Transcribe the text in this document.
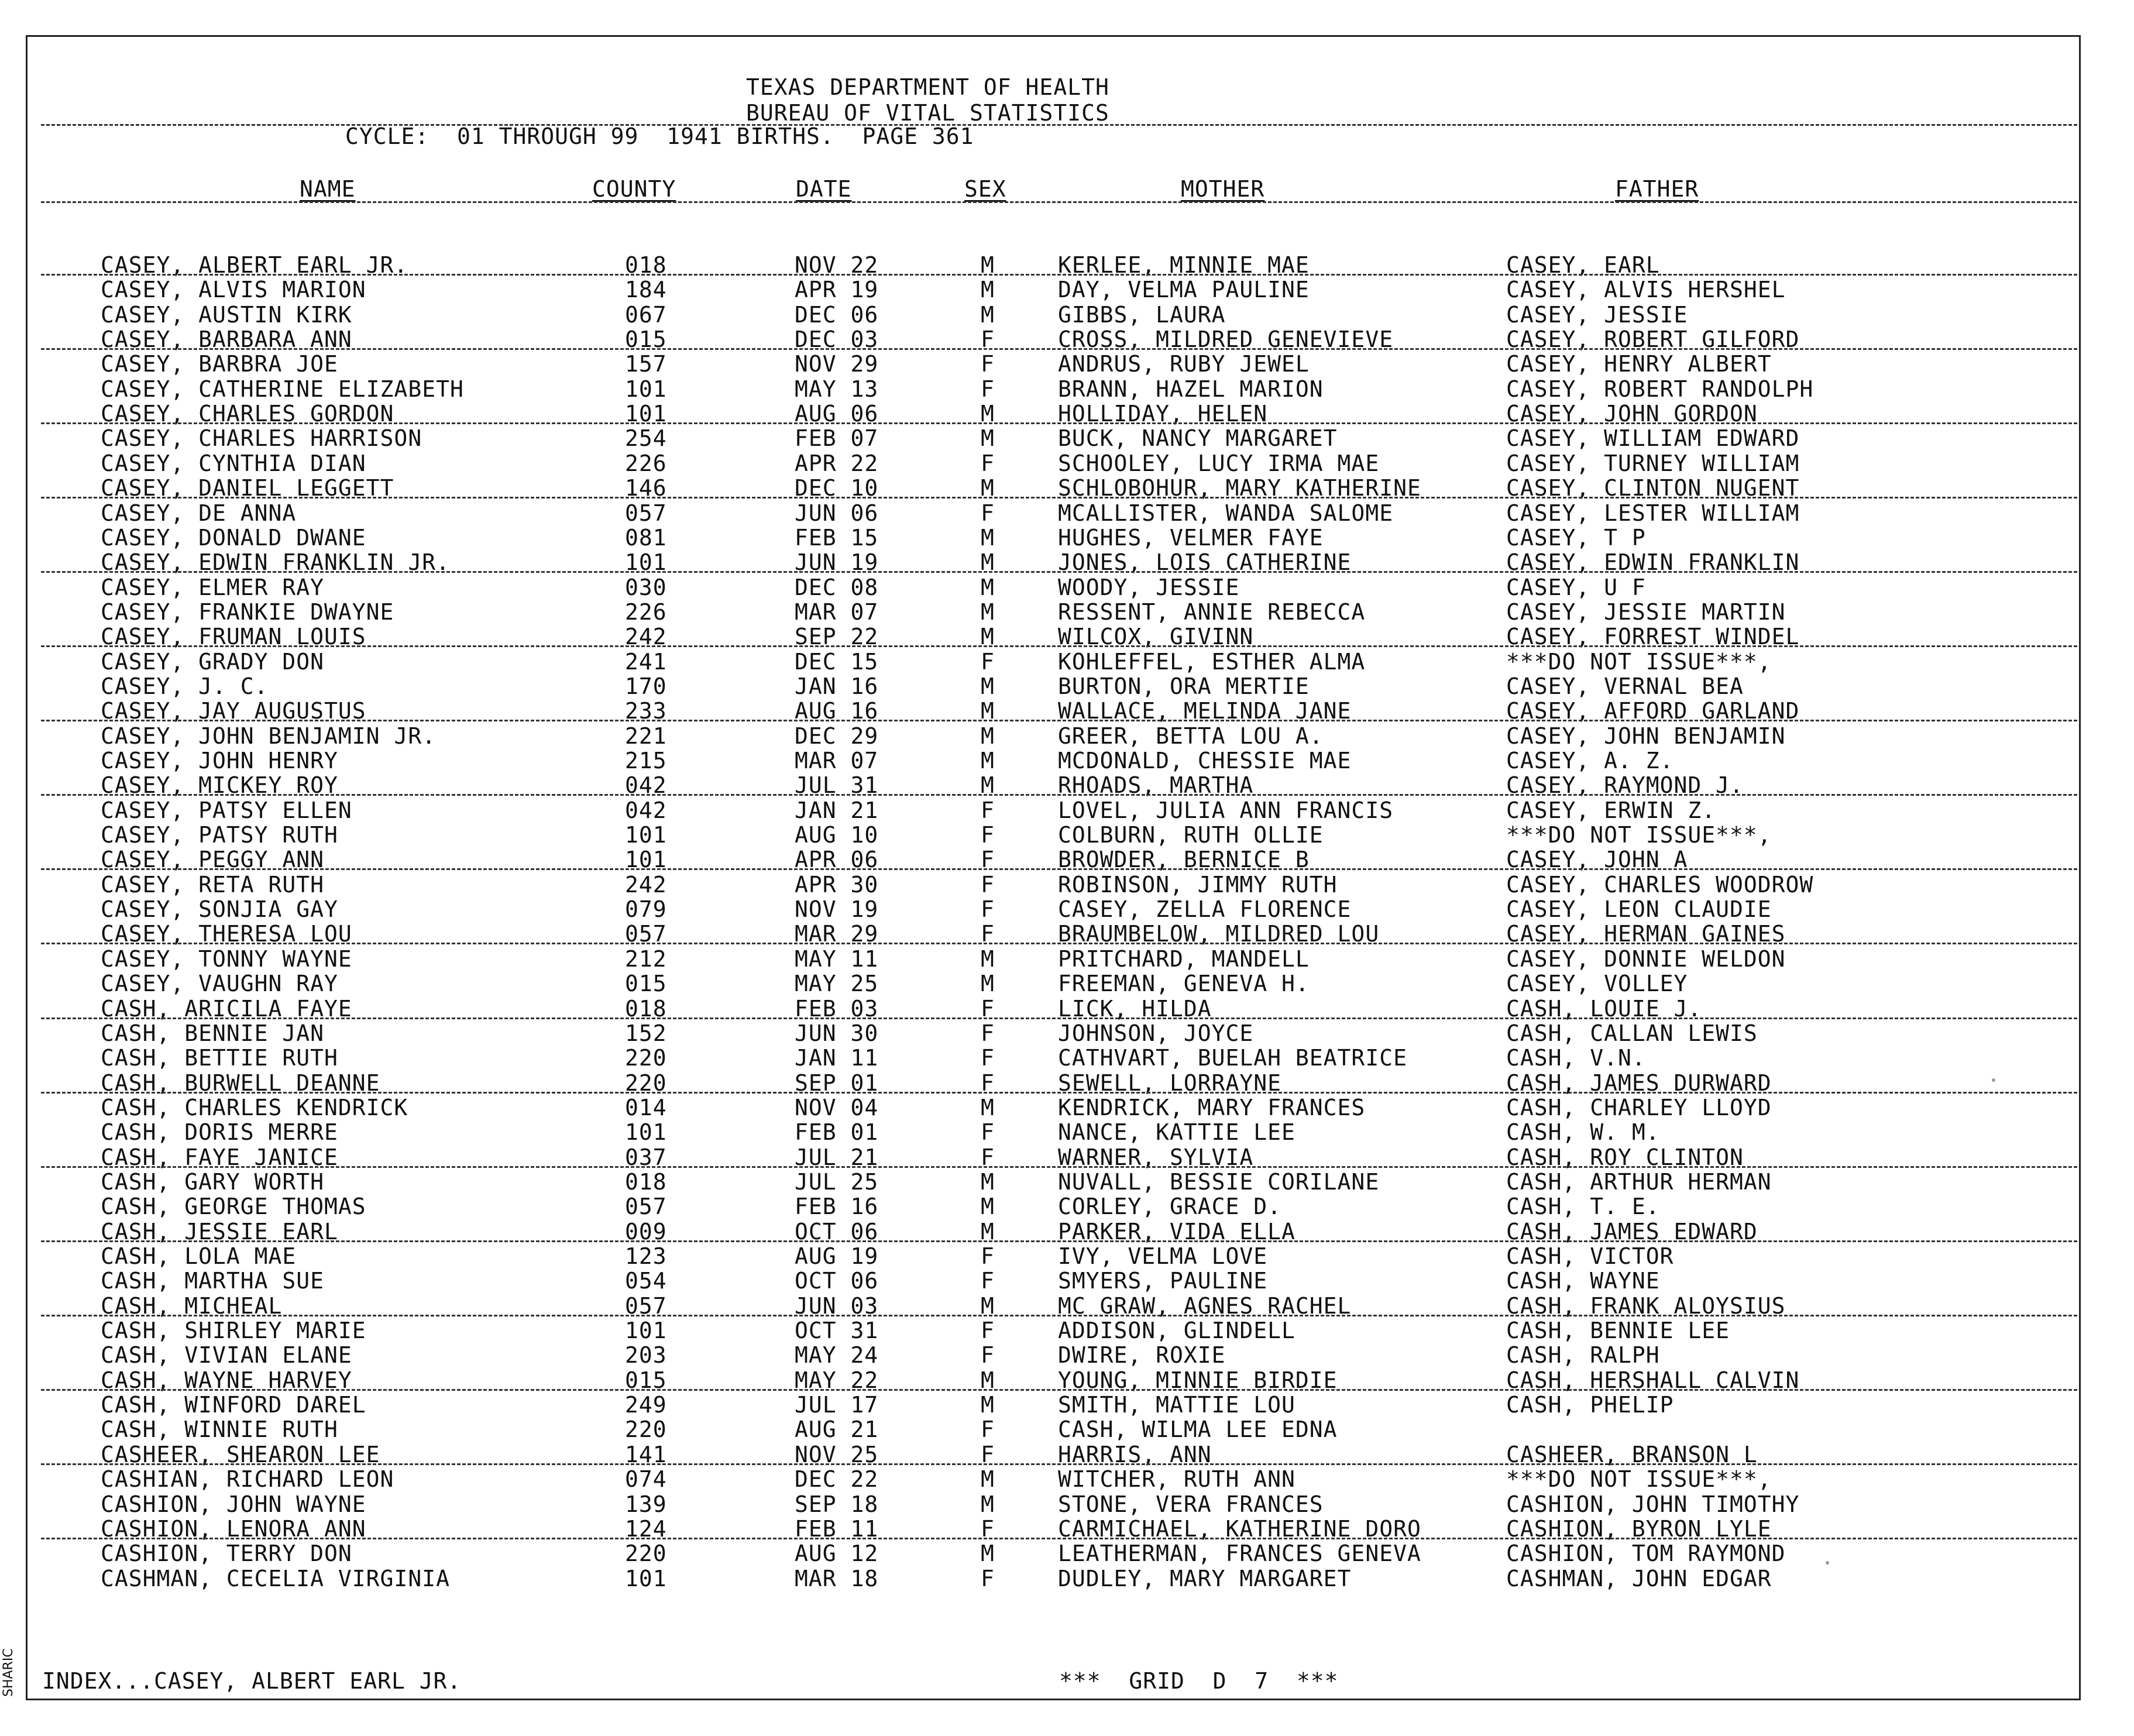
TEXAS DEPARTMENT OF HEALTH
BUREAU OF VITAL STATISTICS
CYCLE:  01 THROUGH 99  1941 BIRTHS.  PAGE 361
NAME	COUNTY	DATE	SEX	MOTHER	FATHER
CASEY, ALBERT EARL JR.	018	NOV 22	M	KERLEE, MINNIE MAE	CASEY, EARL
CASEY, ALVIS MARION	184	APR 19	M	DAY, VELMA PAULINE	CASEY, ALVIS HERSHEL
CASEY, AUSTIN KIRK	067	DEC 06	M	GIBBS, LAURA	CASEY, JESSIE
CASEY, BARBARA ANN	015	DEC 03	F	CROSS, MILDRED GENEVIEVE	CASEY, ROBERT GILFORD
CASEY, BARBRA JOE	157	NOV 29	F	ANDRUS, RUBY JEWEL	CASEY, HENRY ALBERT
CASEY, CATHERINE ELIZABETH	101	MAY 13	F	BRANN, HAZEL MARION	CASEY, ROBERT RANDOLPH
CASEY, CHARLES GORDON	101	AUG 06	M	HOLLIDAY, HELEN	CASEY, JOHN GORDON
CASEY, CHARLES HARRISON	254	FEB 07	M	BUCK, NANCY MARGARET	CASEY, WILLIAM EDWARD
CASEY, CYNTHIA DIAN	226	APR 22	F	SCHOOLEY, LUCY IRMA MAE	CASEY, TURNEY WILLIAM
CASEY, DANIEL LEGGETT	146	DEC 10	M	SCHLOBOHUR, MARY KATHERINE	CASEY, CLINTON NUGENT
CASEY, DE ANNA	057	JUN 06	F	MCALLISTER, WANDA SALOME	CASEY, LESTER WILLIAM
CASEY, DONALD DWANE	081	FEB 15	M	HUGHES, VELMER FAYE	CASEY, T P
CASEY, EDWIN FRANKLIN JR.	101	JUN 19	M	JONES, LOIS CATHERINE	CASEY, EDWIN FRANKLIN
CASEY, ELMER RAY	030	DEC 08	M	WOODY, JESSIE	CASEY, U F
CASEY, FRANKIE DWAYNE	226	MAR 07	M	RESSENT, ANNIE REBECCA	CASEY, JESSIE MARTIN
CASEY, FRUMAN LOUIS	242	SEP 22	M	WILCOX, GIVINN	CASEY, FORREST WINDEL
CASEY, GRADY DON	241	DEC 15	F	KOHLEFFEL, ESTHER ALMA	***DO NOT ISSUE***,
CASEY, J. C.	170	JAN 16	M	BURTON, ORA MERTIE	CASEY, VERNAL BEA
CASEY, JAY AUGUSTUS	233	AUG 16	M	WALLACE, MELINDA JANE	CASEY, AFFORD GARLAND
CASEY, JOHN BENJAMIN JR.	221	DEC 29	M	GREER, BETTA LOU A.	CASEY, JOHN BENJAMIN
CASEY, JOHN HENRY	215	MAR 07	M	MCDONALD, CHESSIE MAE	CASEY, A. Z.
CASEY, MICKEY ROY	042	JUL 31	M	RHOADS, MARTHA	CASEY, RAYMOND J.
CASEY, PATSY ELLEN	042	JAN 21	F	LOVEL, JULIA ANN FRANCIS	CASEY, ERWIN Z.
CASEY, PATSY RUTH	101	AUG 10	F	COLBURN, RUTH OLLIE	***DO NOT ISSUE***,
CASEY, PEGGY ANN	101	APR 06	F	BROWDER, BERNICE B	CASEY, JOHN A
CASEY, RETA RUTH	242	APR 30	F	ROBINSON, JIMMY RUTH	CASEY, CHARLES WOODROW
CASEY, SONJIA GAY	079	NOV 19	F	CASEY, ZELLA FLORENCE	CASEY, LEON CLAUDIE
CASEY, THERESA LOU	057	MAR 29	F	BRAUMBELOW, MILDRED LOU	CASEY, HERMAN GAINES
CASEY, TONNY WAYNE	212	MAY 11	M	PRITCHARD, MANDELL	CASEY, DONNIE WELDON
CASEY, VAUGHN RAY	015	MAY 25	M	FREEMAN, GENEVA H.	CASEY, VOLLEY
CASH, ARICILA FAYE	018	FEB 03	F	LICK, HILDA	CASH, LOUIE J.
CASH, BENNIE JAN	152	JUN 30	F	JOHNSON, JOYCE	CASH, CALLAN LEWIS
CASH, BETTIE RUTH	220	JAN 11	F	CATHVART, BUELAH BEATRICE	CASH, V.N.
CASH, BURWELL DEANNE	220	SEP 01	F	SEWELL, LORRAYNE	CASH, JAMES DURWARD
CASH, CHARLES KENDRICK	014	NOV 04	M	KENDRICK, MARY FRANCES	CASH, CHARLEY LLOYD
CASH, DORIS MERRE	101	FEB 01	F	NANCE, KATTIE LEE	CASH, W. M.
CASH, FAYE JANICE	037	JUL 21	F	WARNER, SYLVIA	CASH, ROY CLINTON
CASH, GARY WORTH	018	JUL 25	M	NUVALL, BESSIE CORILANE	CASH, ARTHUR HERMAN
CASH, GEORGE THOMAS	057	FEB 16	M	CORLEY, GRACE D.	CASH, T. E.
CASH, JESSIE EARL	009	OCT 06	M	PARKER, VIDA ELLA	CASH, JAMES EDWARD
CASH, LOLA MAE	123	AUG 19	F	IVY, VELMA LOVE	CASH, VICTOR
CASH, MARTHA SUE	054	OCT 06	F	SMYERS, PAULINE	CASH, WAYNE
CASH, MICHEAL	057	JUN 03	M	MC GRAW, AGNES RACHEL	CASH, FRANK ALOYSIUS
CASH, SHIRLEY MARIE	101	OCT 31	F	ADDISON, GLINDELL	CASH, BENNIE LEE
CASH, VIVIAN ELANE	203	MAY 24	F	DWIRE, ROXIE	CASH, RALPH
CASH, WAYNE HARVEY	015	MAY 22	M	YOUNG, MINNIE BIRDIE	CASH, HERSHALL CALVIN
CASH, WINFORD DAREL	249	JUL 17	M	SMITH, MATTIE LOU	CASH, PHELIP
CASH, WINNIE RUTH	220	AUG 21	F	CASH, WILMA LEE EDNA
CASHEER, SHEARON LEE	141	NOV 25	F	HARRIS, ANN	CASHEER, BRANSON L
CASHIAN, RICHARD LEON	074	DEC 22	M	WITCHER, RUTH ANN	***DO NOT ISSUE***,
CASHION, JOHN WAYNE	139	SEP 18	M	STONE, VERA FRANCES	CASHION, JOHN TIMOTHY
CASHION, LENORA ANN	124	FEB 11	F	CARMICHAEL, KATHERINE DORO	CASHION, BYRON LYLE
CASHION, TERRY DON	220	AUG 12	M	LEATHERMAN, FRANCES GENEVA	CASHION, TOM RAYMOND
CASHMAN, CECELIA VIRGINIA	101	MAR 18	F	DUDLEY, MARY MARGARET	CASHMAN, JOHN EDGAR
INDEX...CASEY, ALBERT EARL JR.	***  GRID  D  7  ***
SHARIC
